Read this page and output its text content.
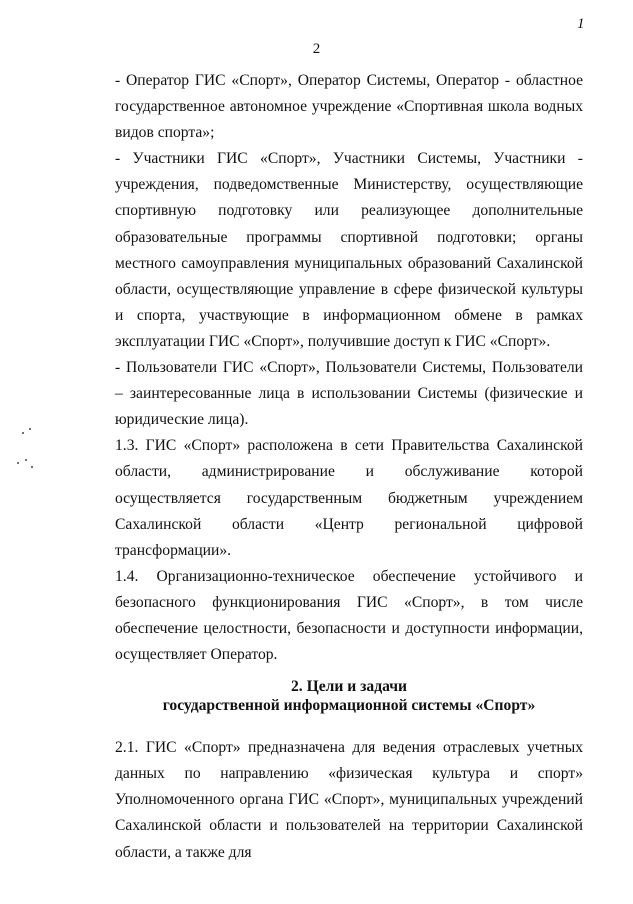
1
2

- Оператор ГИС «Спорт», Оператор Системы, Оператор - областное государственное автономное учреждение «Спортивная школа водных видов спорта»;

- Участники ГИС «Спорт», Участники Системы, Участники - учреждения, подведомственные Министерству, осуществляющие спортивную подготовку или реализующее дополнительные образовательные программы спортивной подготовки; органы местного самоуправления муниципальных образований Сахалинской области, осуществляющие управление в сфере физической культуры и спорта, участвующие в информационном обмене в рамках эксплуатации ГИС «Спорт», получившие доступ к ГИС «Спорт».

- Пользователи ГИС «Спорт», Пользователи Системы, Пользователи – заинтересованные лица в использовании Системы (физические и юридические лица).

1.3. ГИС «Спорт» расположена в сети Правительства Сахалинской области, администрирование и обслуживание которой осуществляется государственным бюджетным учреждением Сахалинской области «Центр региональной цифровой трансформации».

1.4. Организационно-техническое обеспечение устойчивого и безопасного функционирования ГИС «Спорт», в том числе обеспечение целостности, безопасности и доступности информации, осуществляет Оператор.

2. Цели и задачи
государственной информационной системы «Спорт»

2.1. ГИС «Спорт» предназначена для ведения отраслевых учетных данных по направлению «физическая культура и спорт» Уполномоченного органа ГИС «Спорт», муниципальных учреждений Сахалинской области и пользователей на территории Сахалинской области, а также для
